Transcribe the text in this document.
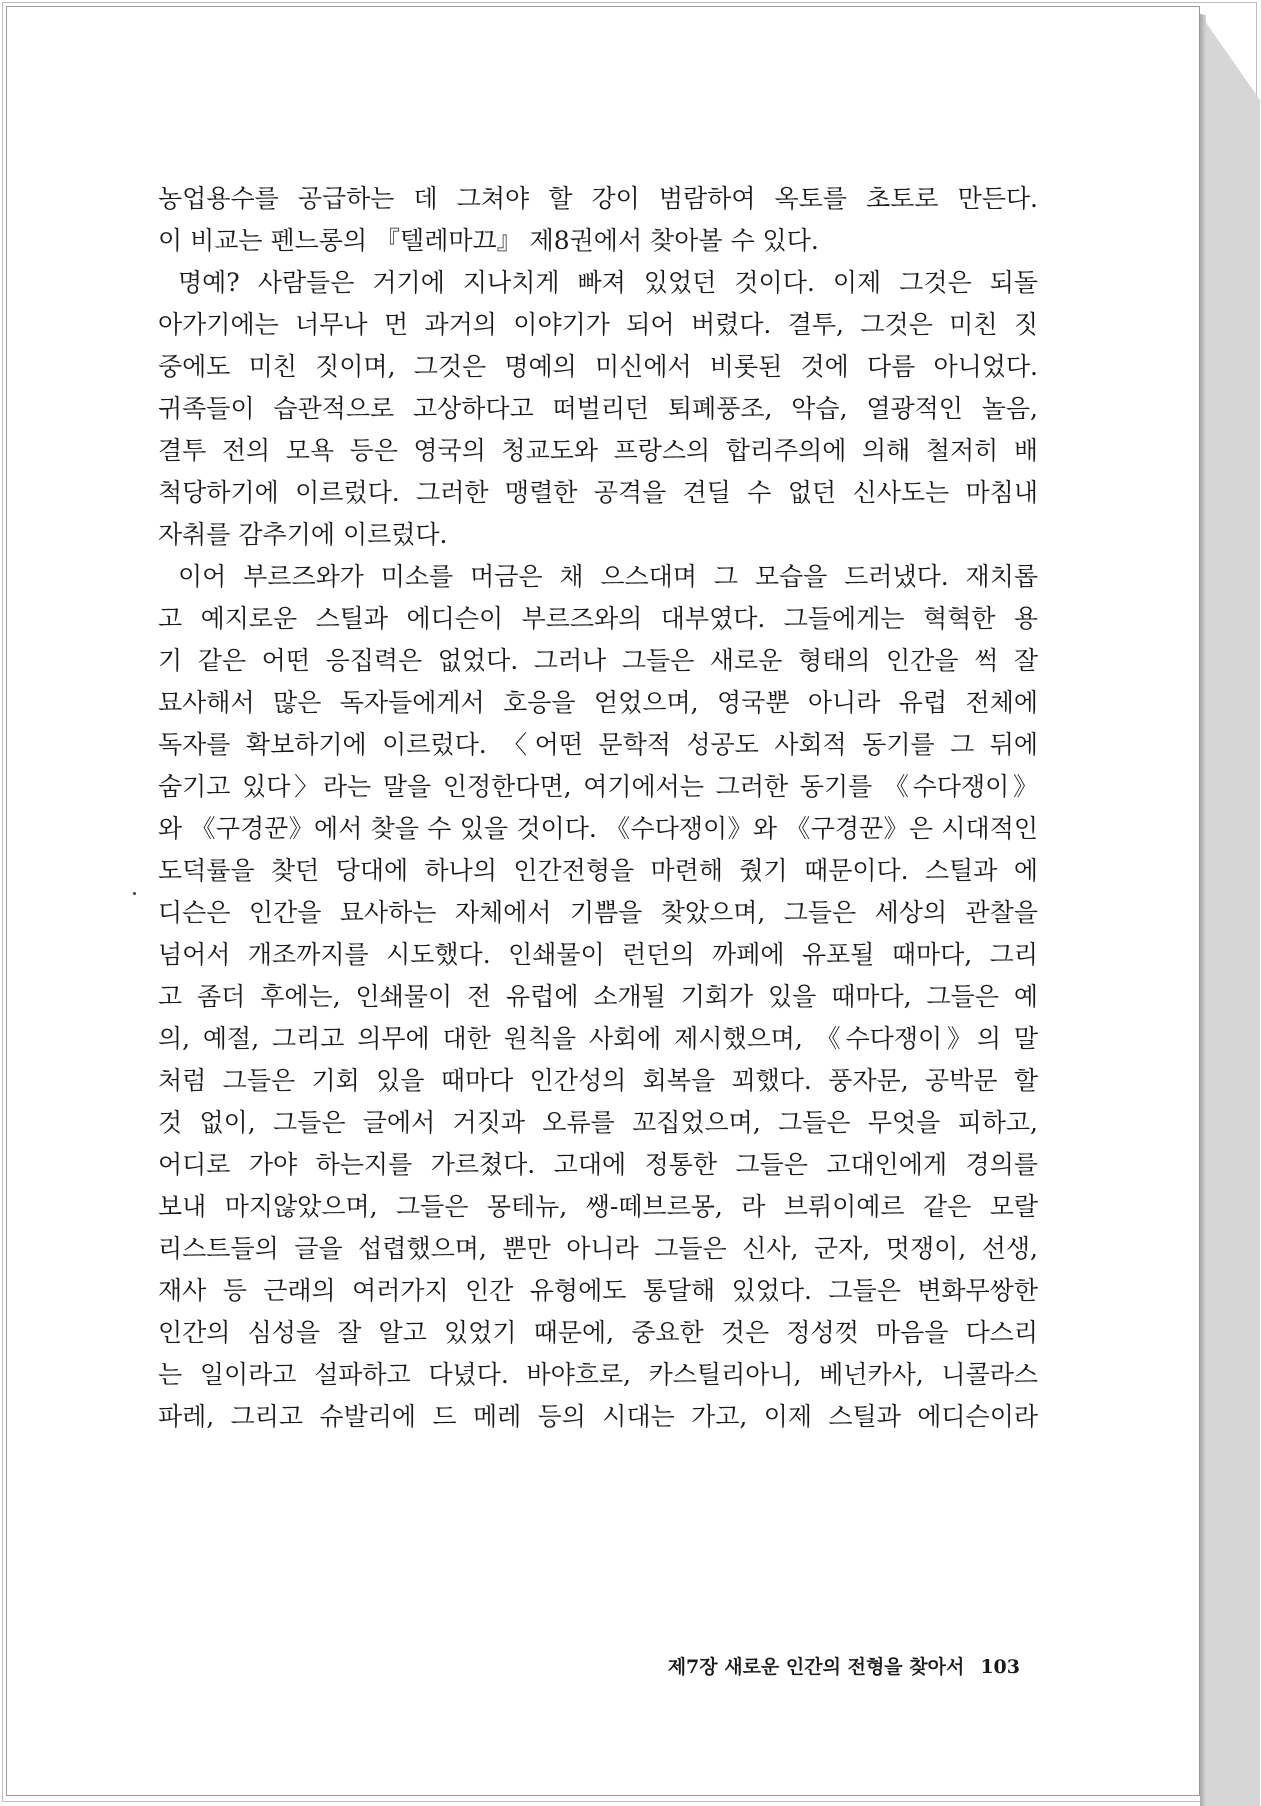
농업용수를 공급하는 데 그쳐야 할 강이 범람하여 옥토를 초토로 만든다.
이 비교는 펜느롱의 『텔레마끄』 제8권에서 찾아볼 수 있다.
명예? 사람들은 거기에 지나치게 빠져 있었던 것이다. 이제 그것은 되돌
아가기에는 너무나 먼 과거의 이야기가 되어 버렸다. 결투, 그것은 미친 짓
중에도 미친 짓이며, 그것은 명예의 미신에서 비롯된 것에 다름 아니었다.
귀족들이 습관적으로 고상하다고 떠벌리던 퇴폐풍조, 악습, 열광적인 놀음,
결투 전의 모욕 등은 영국의 청교도와 프랑스의 합리주의에 의해 철저히 배
척당하기에 이르렀다. 그러한 맹렬한 공격을 견딜 수 없던 신사도는 마침내
자취를 감추기에 이르렀다.
이어 부르즈와가 미소를 머금은 채 으스대며 그 모습을 드러냈다. 재치롭
고 예지로운 스틸과 에디슨이 부르즈와의 대부였다. 그들에게는 혁혁한 용
기 같은 어떤 응집력은 없었다. 그러나 그들은 새로운 형태의 인간을 썩 잘
묘사해서 많은 독자들에게서 호응을 얻었으며, 영국뿐 아니라 유럽 전체에
독자를 확보하기에 이르렀다. 〈어떤 문학적 성공도 사회적 동기를 그 뒤에
숨기고 있다〉라는 말을 인정한다면, 여기에서는 그러한 동기를 《수다쟁이》
와 《구경꾼》에서 찾을 수 있을 것이다. 《수다쟁이》와 《구경꾼》은 시대적인
도덕률을 찾던 당대에 하나의 인간전형을 마련해 줬기 때문이다. 스틸과 에
디슨은 인간을 묘사하는 자체에서 기쁨을 찾았으며, 그들은 세상의 관찰을
넘어서 개조까지를 시도했다. 인쇄물이 런던의 까페에 유포될 때마다, 그리
고 좀더 후에는, 인쇄물이 전 유럽에 소개될 기회가 있을 때마다, 그들은 예
의, 예절, 그리고 의무에 대한 원칙을 사회에 제시했으며, 《수다쟁이》의 말
처럼 그들은 기회 있을 때마다 인간성의 회복을 꾀했다. 풍자문, 공박문 할
것 없이, 그들은 글에서 거짓과 오류를 꼬집었으며, 그들은 무엇을 피하고,
어디로 가야 하는지를 가르쳤다. 고대에 정통한 그들은 고대인에게 경의를
보내 마지않았으며, 그들은 몽테뉴, 쌩-떼브르몽, 라 브뤼이예르 같은 모랄
리스트들의 글을 섭렵했으며, 뿐만 아니라 그들은 신사, 군자, 멋쟁이, 선생,
재사 등 근래의 여러가지 인간 유형에도 통달해 있었다. 그들은 변화무쌍한
인간의 심성을 잘 알고 있었기 때문에, 중요한 것은 정성껏 마음을 다스리
는 일이라고 설파하고 다녔다. 바야흐로, 카스틸리아니, 베넌카사, 니콜라스
파레, 그리고 슈발리에 드 메레 등의 시대는 가고, 이제 스틸과 에디슨이라
제7장 새로운 인간의 전형을 찾아서 103
